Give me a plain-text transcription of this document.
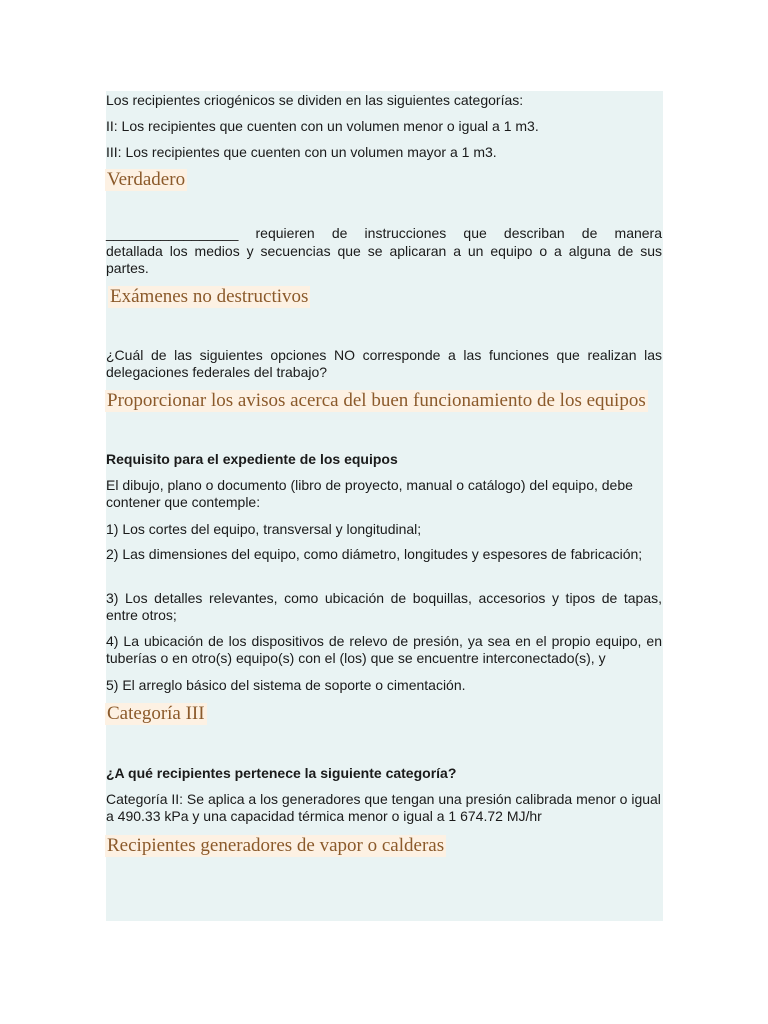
Los recipientes criogénicos se dividen en las siguientes categorías:

II: Los recipientes que cuenten con un volumen menor o igual a 1 m3.

III: Los recipientes que cuenten con un volumen mayor a 1 m3.

Verdadero

_________________ requieren de instrucciones que describan de manera

detallada los medios y secuencias que se aplicaran a un equipo o a alguna de sus partes.

Exámenes no destructivos

¿Cuál de las siguientes opciones NO corresponde a las funciones que realizan las delegaciones federales del trabajo?

Proporcionar los avisos acerca del buen funcionamiento de los equipos

Requisito para el expediente de los equipos

El dibujo, plano o documento (libro de proyecto, manual o catálogo) del equipo, debe contener que contemple:

1) Los cortes del equipo, transversal y longitudinal;

2) Las dimensiones del equipo, como diámetro, longitudes y espesores de fabricación;

3) Los detalles relevantes, como ubicación de boquillas, accesorios y tipos de tapas, entre otros;

4) La ubicación de los dispositivos de relevo de presión, ya sea en el propio equipo, en tuberías o en otro(s) equipo(s) con el (los) que se encuentre interconectado(s), y

5) El arreglo básico del sistema de soporte o cimentación.

Categoría III

¿A qué recipientes pertenece la siguiente categoría?

Categoría II: Se aplica a los generadores que tengan una presión calibrada menor o igual a 490.33 kPa y una capacidad térmica menor o igual a 1 674.72 MJ/hr

Recipientes generadores de vapor o calderas
